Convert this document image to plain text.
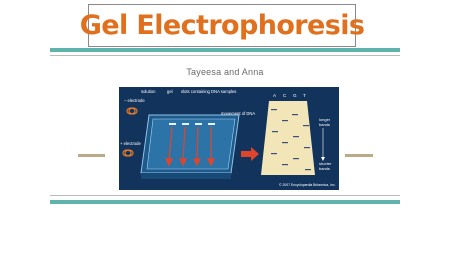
Gel Electrophoresis
Tayeesa and Anna
solution	gel slots containing DNA samples
– electrode
+ electrode
movement of DNA
A C G T
longer
bands
shorter
bands
© 2007 Encyclopædia Britannica, Inc.
